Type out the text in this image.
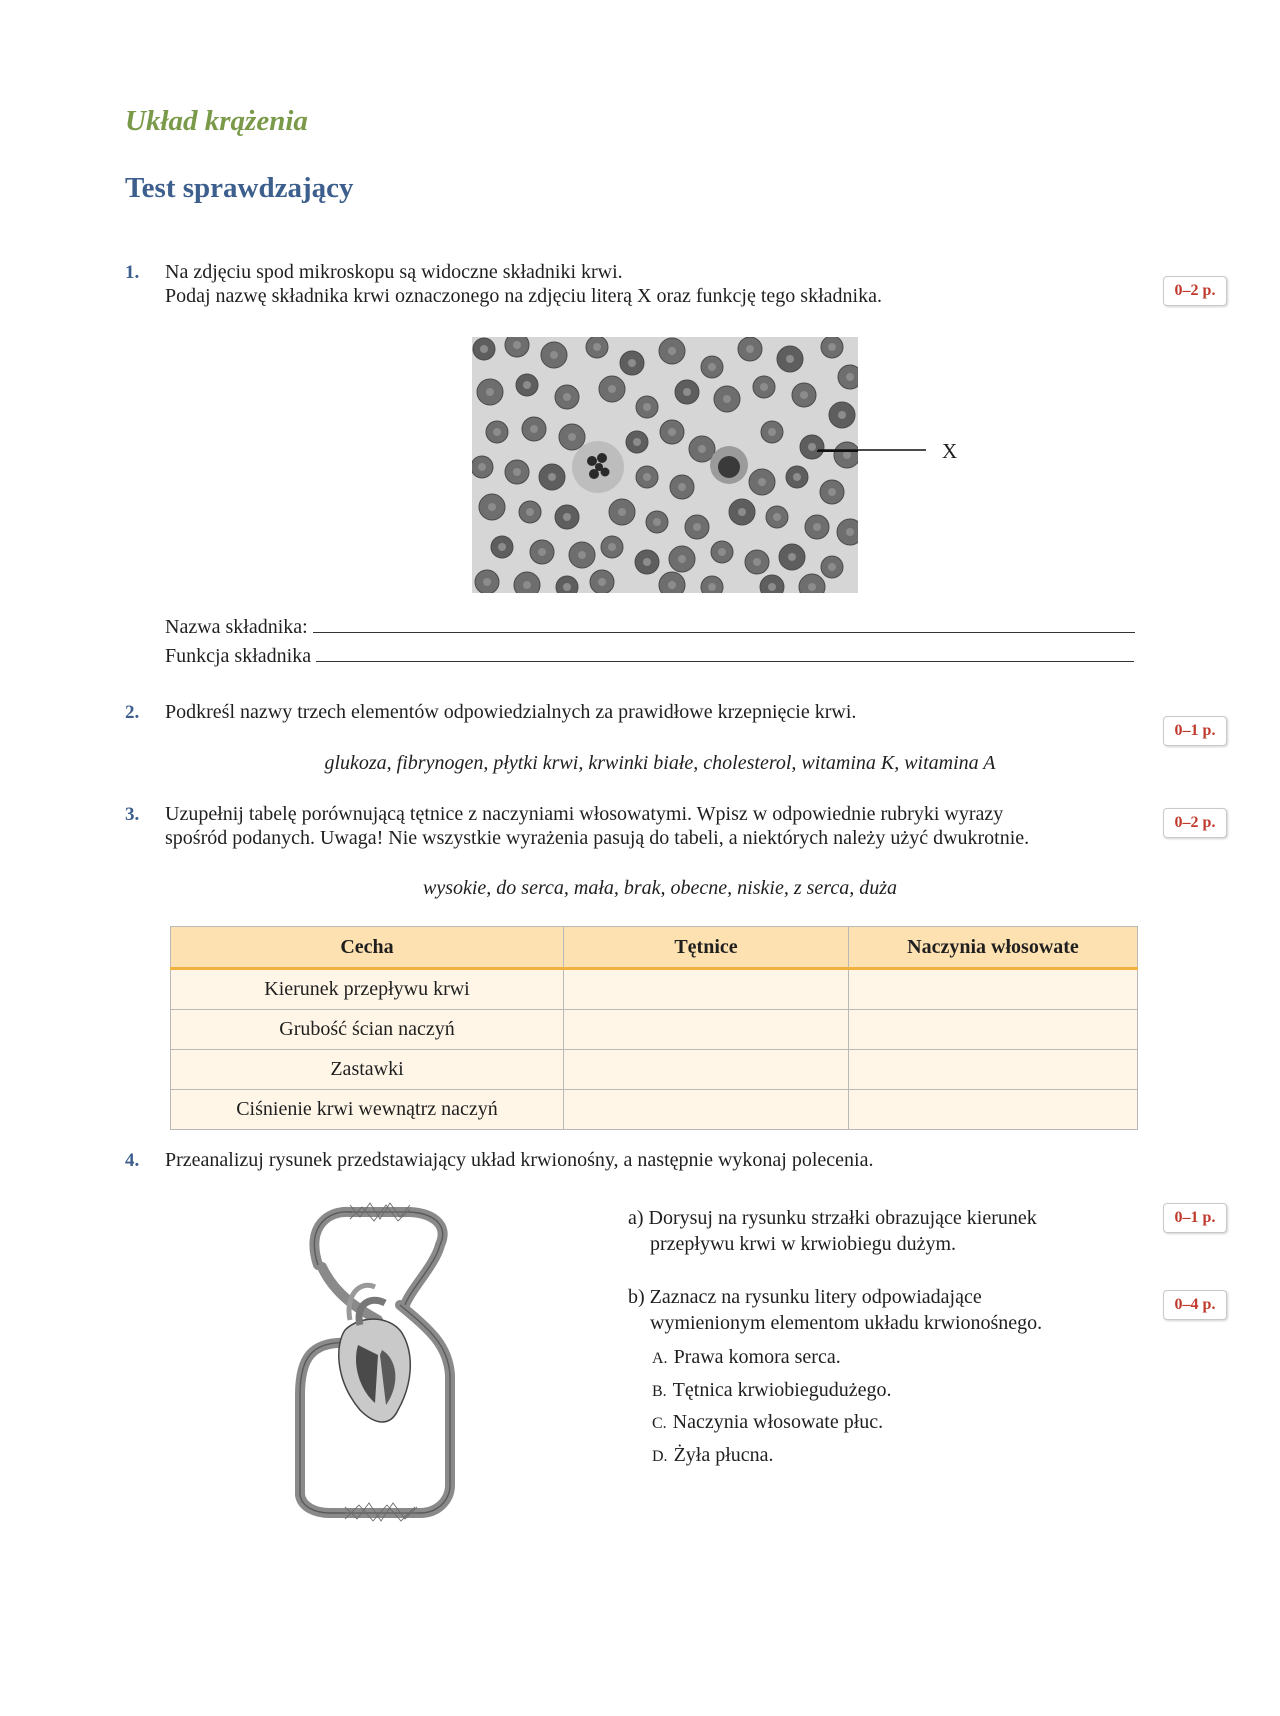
Układ krążenia
Test sprawdzający
1. Na zdjęciu spod mikroskopu są widoczne składniki krwi.

Podaj nazwę składnika krwi oznaczonego na zdjęciu literą X oraz funkcję tego składnika.	0–2 p.
X
Nazwa składnika:
Funkcja składnika
2. Podkreśl nazwy trzech elementów odpowiedzialnych za prawidłowe krzepnięcie krwi.
0–1 p.
glukoza, fibrynogen, płytki krwi, krwinki białe, cholesterol, witamina K, witamina A
3. Uzupełnij tabelę porównującą tętnice z naczyniami włosowatymi. Wpisz w odpowiednie rubryki wyrazy

spośród podanych. Uwaga! Nie wszystkie wyrażenia pasują do tabeli, a niektórych należy użyć dwukrotnie.

0–2 p.
wysokie, do serca, mała, brak, obecne, niskie, z serca, duża
Cecha	Tętnice	Naczynia włosowate
Kierunek przepływu krwi		
Grubość ścian naczyń		
Zastawki		
Ciśnienie krwi wewnątrz naczyń		
4. Przeanalizuj rysunek przedstawiający układ krwionośny, a następnie wykonaj polecenia.

a) Dorysuj na rysunku strzałki obrazujące kierunek

przepływu krwi w krwiobiegu dużym.

0–1 p.

b) Zaznacz na rysunku litery odpowiadające

wymienionym elementom układu krwionośnego.

0–4 p.
A. Prawa komora serca.
B. Tętnica krwiobiegudużego.
C. Naczynia włosowate płuc.
D. Żyła płucna.
